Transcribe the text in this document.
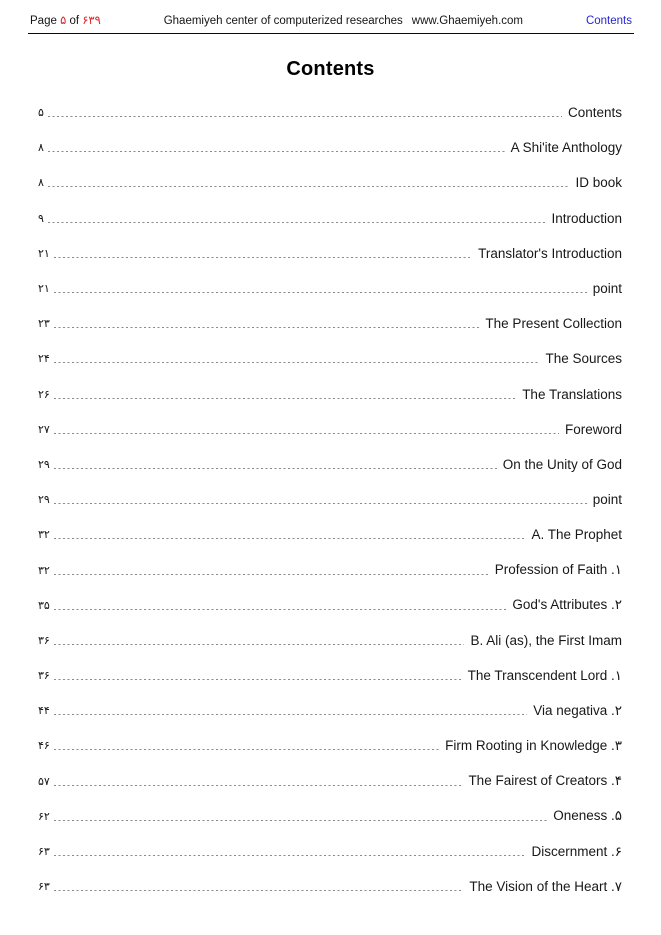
Page ۵ of ۶۳۹	Ghaemiyeh center of computerized researches www.Ghaemiyeh.com	Contents
Contents
۵	Contents
۸	A Shi'ite Anthology
۸	ID book
۹	Introduction
۲۱	Translator's Introduction
۲۱	point
۲۳	The Present Collection
۲۴	The Sources
۲۶	The Translations
۲۷	Foreword
۲۹	On the Unity of God
۲۹	point
۳۲	A. The Prophet
۳۲	Profession of Faith .۱
۳۵	God's Attributes .۲
۳۶	B. Ali (as), the First Imam
۳۶	The Transcendent Lord .۱
۴۴	Via negativa .۲
۴۶	Firm Rooting in Knowledge .۳
۵۷	The Fairest of Creators .۴
۶۲	Oneness .۵
۶۳	Discernment .۶
۶۳	The Vision of the Heart .۷
